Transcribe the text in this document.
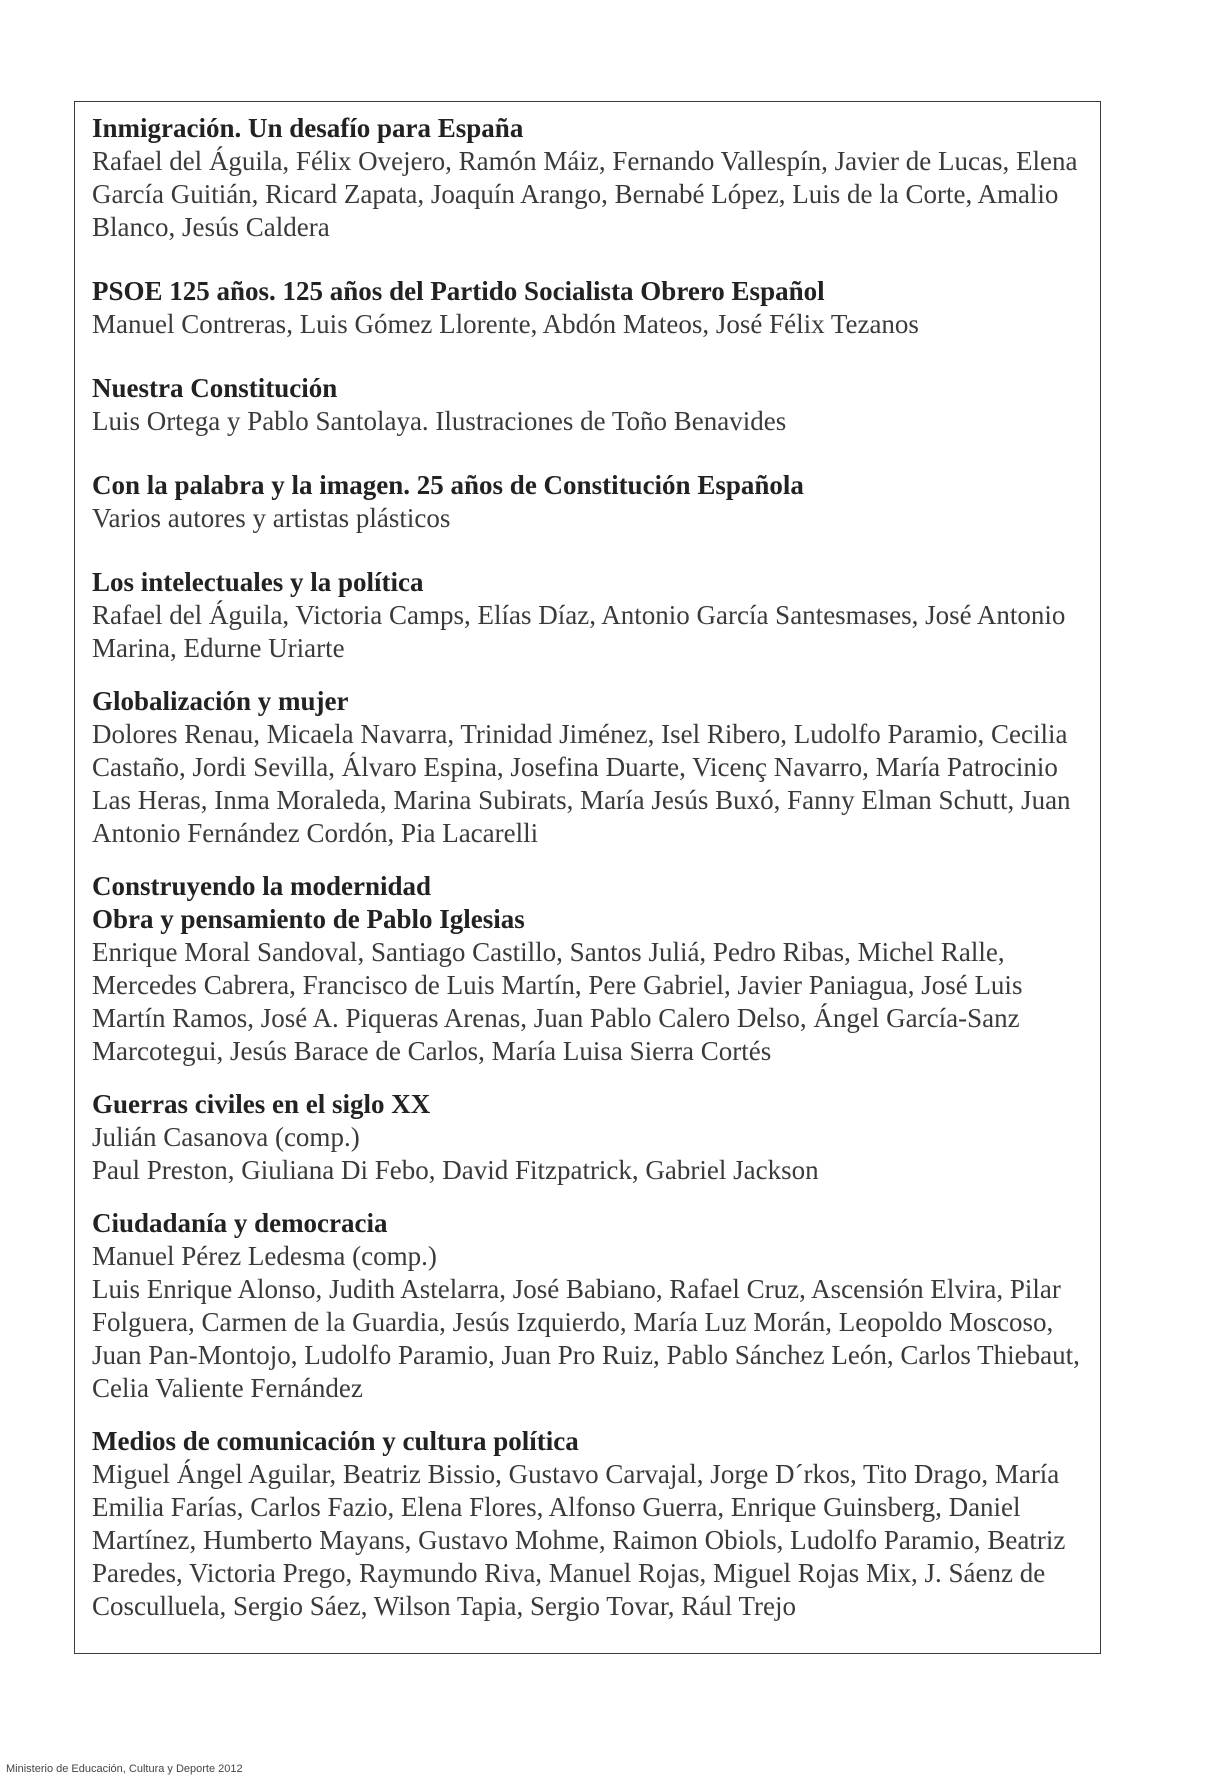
Inmigración. Un desafío para España
Rafael del Águila, Félix Ovejero, Ramón Máiz, Fernando Vallespín, Javier de Lucas, Elena García Guitián, Ricard Zapata, Joaquín Arango, Bernabé López, Luis de la Corte, Amalio Blanco, Jesús Caldera
PSOE 125 años. 125 años del Partido Socialista Obrero Español
Manuel Contreras, Luis Gómez Llorente, Abdón Mateos, José Félix Tezanos
Nuestra Constitución
Luis Ortega y Pablo Santolaya. Ilustraciones de Toño Benavides
Con la palabra y la imagen. 25 años de Constitución Española
Varios autores y artistas plásticos
Los intelectuales y la política
Rafael del Águila, Victoria Camps, Elías Díaz, Antonio García Santesmases, José Antonio Marina, Edurne Uriarte
Globalización y mujer
Dolores Renau, Micaela Navarra, Trinidad Jiménez, Isel Ribero, Ludolfo Paramio, Cecilia Castaño, Jordi Sevilla, Álvaro Espina, Josefina Duarte, Vicenç Navarro, María Patrocinio Las Heras, Inma Moraleda, Marina Subirats, María Jesús Buxó, Fanny Elman Schutt, Juan Antonio Fernández Cordón, Pia Lacarelli
Construyendo la modernidad
Obra y pensamiento de Pablo Iglesias
Enrique Moral Sandoval, Santiago Castillo, Santos Juliá, Pedro Ribas, Michel Ralle, Mercedes Cabrera, Francisco de Luis Martín, Pere Gabriel, Javier Paniagua, José Luis Martín Ramos, José A. Piqueras Arenas, Juan Pablo Calero Delso, Ángel García-Sanz Marcotegui, Jesús Barace de Carlos, María Luisa Sierra Cortés
Guerras civiles en el siglo XX
Julián Casanova (comp.)
Paul Preston, Giuliana Di Febo, David Fitzpatrick, Gabriel Jackson
Ciudadanía y democracia
Manuel Pérez Ledesma (comp.)
Luis Enrique Alonso, Judith Astelarra, José Babiano, Rafael Cruz, Ascensión Elvira, Pilar Folguera, Carmen de la Guardia, Jesús Izquierdo, María Luz Morán, Leopoldo Moscoso, Juan Pan-Montojo, Ludolfo Paramio, Juan Pro Ruiz, Pablo Sánchez León, Carlos Thiebaut, Celia Valiente Fernández
Medios de comunicación y cultura política
Miguel Ángel Aguilar, Beatriz Bissio, Gustavo Carvajal, Jorge D´rkos, Tito Drago, María Emilia Farías, Carlos Fazio, Elena Flores, Alfonso Guerra, Enrique Guinsberg, Daniel Martínez, Humberto Mayans, Gustavo Mohme, Raimon Obiols, Ludolfo Paramio, Beatriz Paredes, Victoria Prego, Raymundo Riva, Manuel Rojas, Miguel Rojas Mix, J. Sáenz de Cosculluela, Sergio Sáez, Wilson Tapia, Sergio Tovar, Rául Trejo
Ministerio de Educación, Cultura y Deporte 2012
